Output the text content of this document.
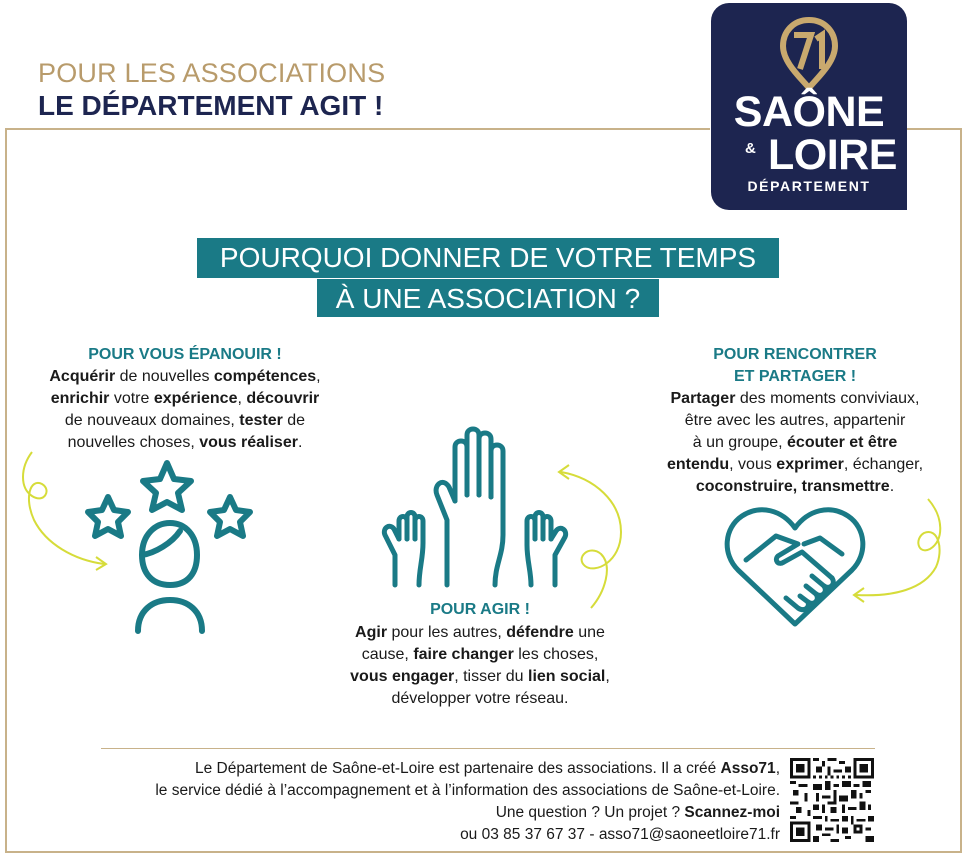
POUR LES ASSOCIATIONS
LE DÉPARTEMENT AGIT !	SAÔNE
& LOIRE
DÉPARTEMENT
POURQUOI DONNER DE VOTRE TEMPS
À UNE ASSOCIATION ?
POUR VOUS ÉPANOUIR !
Acquérir de nouvelles compétences,
enrichir votre expérience, découvrir
de nouveaux domaines, tester de
nouvelles choses, vous réaliser.
POUR RENCONTRER
ET PARTAGER !
Partager des moments conviviaux,
être avec les autres, appartenir
à un groupe, écouter et être
entendu, vous exprimer, échanger,
coconstruire, transmettre.
POUR AGIR !
Agir pour les autres, défendre une
cause, faire changer les choses,
vous engager, tisser du lien social,
développer votre réseau.
Le Département de Saône-et-Loire est partenaire des associations. Il a créé Asso71,
le service dédié à l’accompagnement et à l’information des associations de Saône-et-Loire.
Une question ? Un projet ? Scannez-moi
ou 03 85 37 67 37 - asso71@saoneetloire71.fr
